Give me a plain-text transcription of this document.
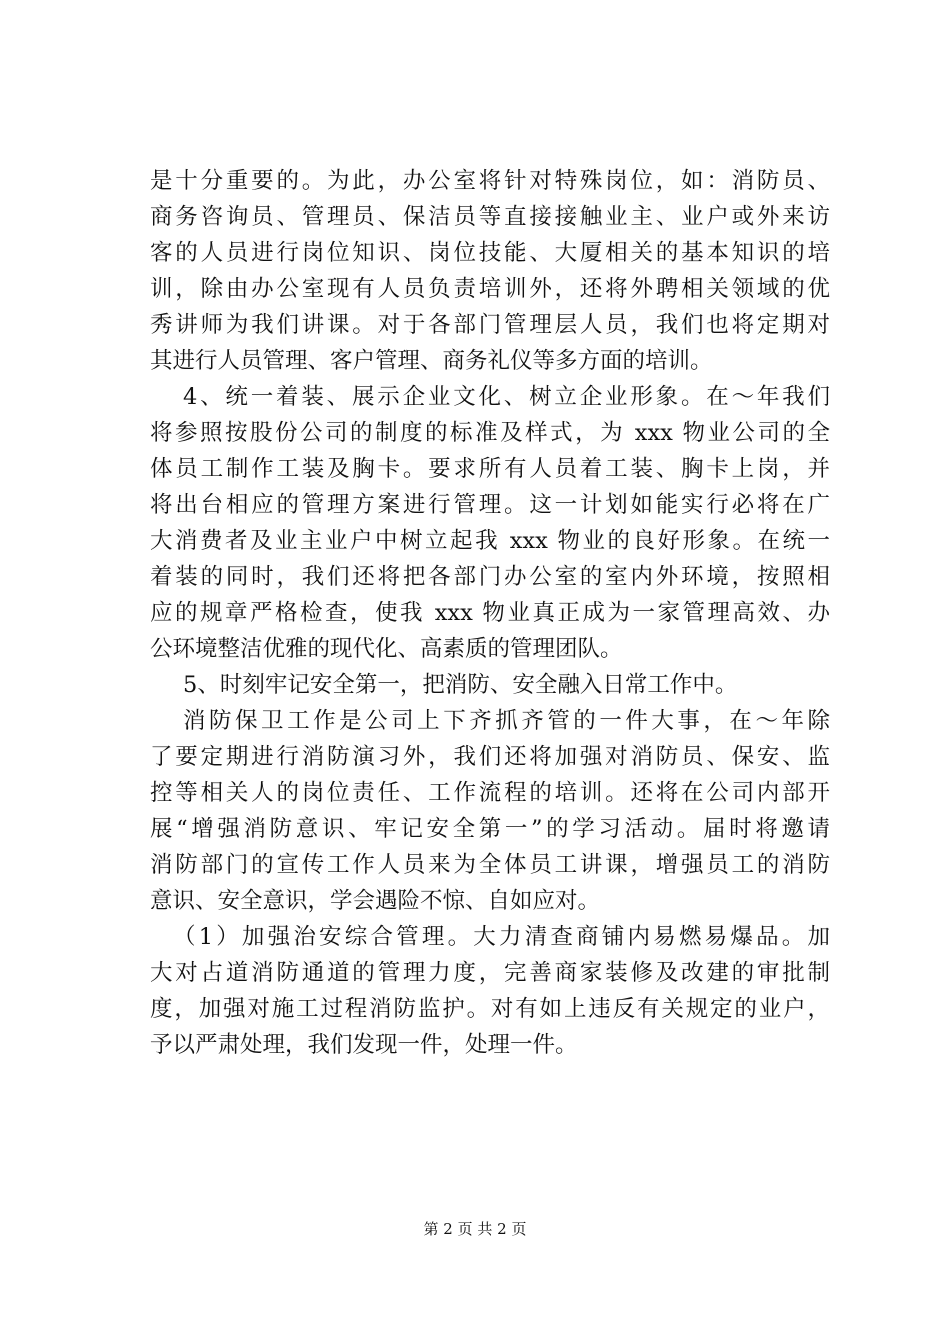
是十分重要的。为此，办公室将针对特殊岗位，如：消防员、
商务咨询员、管理员、保洁员等直接接触业主、业户或外来访
客的人员进行岗位知识、岗位技能、大厦相关的基本知识的培
训，除由办公室现有人员负责培训外，还将外聘相关领域的优
秀讲师为我们讲课。对于各部门管理层人员，我们也将定期对
其进行人员管理、客户管理、商务礼仪等多方面的培训。
4、统一着装、展示企业文化、树立企业形象。在～年我们
将参照按股份公司的制度的标准及样式，为 xxx 物业公司的全
体员工制作工装及胸卡。要求所有人员着工装、胸卡上岗，并
将出台相应的管理方案进行管理。这一计划如能实行必将在广
大消费者及业主业户中树立起我 xxx 物业的良好形象。在统一
着装的同时，我们还将把各部门办公室的室内外环境，按照相
应的规章严格检查，使我 xxx 物业真正成为一家管理高效、办
公环境整洁优雅的现代化、高素质的管理团队。
5、时刻牢记安全第一，把消防、安全融入日常工作中。
消防保卫工作是公司上下齐抓齐管的一件大事，在～年除
了要定期进行消防演习外，我们还将加强对消防员、保安、监
控等相关人的岗位责任、工作流程的培训。还将在公司内部开
展“增强消防意识、牢记安全第一”的学习活动。届时将邀请
消防部门的宣传工作人员来为全体员工讲课，增强员工的消防
意识、安全意识，学会遇险不惊、自如应对。
（1）加强治安综合管理。大力清查商铺内易燃易爆品。加
大对占道消防通道的管理力度，完善商家装修及改建的审批制
度，加强对施工过程消防监护。对有如上违反有关规定的业户，
予以严肃处理，我们发现一件，处理一件。
第 2 页 共 2 页
